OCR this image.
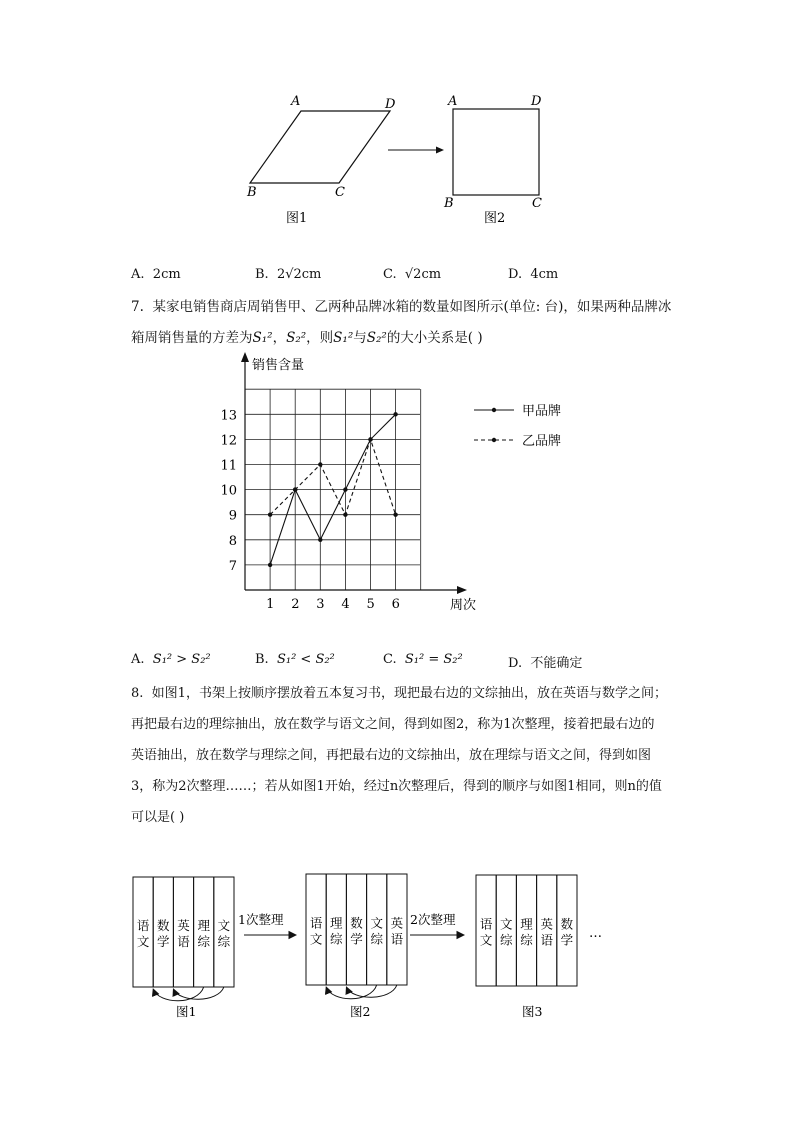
A	D
B	C
图1
A	D
B	C
图2
A. 2cm	B. 2√2cm	C. √2cm	D. 4cm
7. 某家电销售商店周销售甲、乙两种品牌冰箱的数量如图所示(单位: 台)，如果两种品牌冰
箱周销售量的方差为S₁²，S₂²，则S₁²与S₂²的大小关系是( )
销售含量
周次
1 2 3 4 5 6
7
8
9
10
11
12
13	甲品牌
乙品牌
A. S₁² > S₂²	B. S₁² < S₂²	C. S₁² = S₂²	D. 不能确定
8. 如图1，书架上按顺序摆放着五本复习书，现把最右边的文综抽出，放在英语与数学之间；
再把最右边的理综抽出，放在数学与语文之间，得到如图2，称为1次整理，接着把最右边的
英语抽出，放在数学与理综之间，再把最右边的文综抽出，放在理综与语文之间，得到如图
3，称为2次整理……；若从如图1开始，经过n次整理后，得到的顺序与如图1相同，则n的值
可以是( )
语
文
数
学
英
语
理
综
文
综
图1
语
文
理
综
数
学
文
综
英
语
图2
语
文
文
综
理
综
英
语
数
学
图3
1次整理	2次整理
…
